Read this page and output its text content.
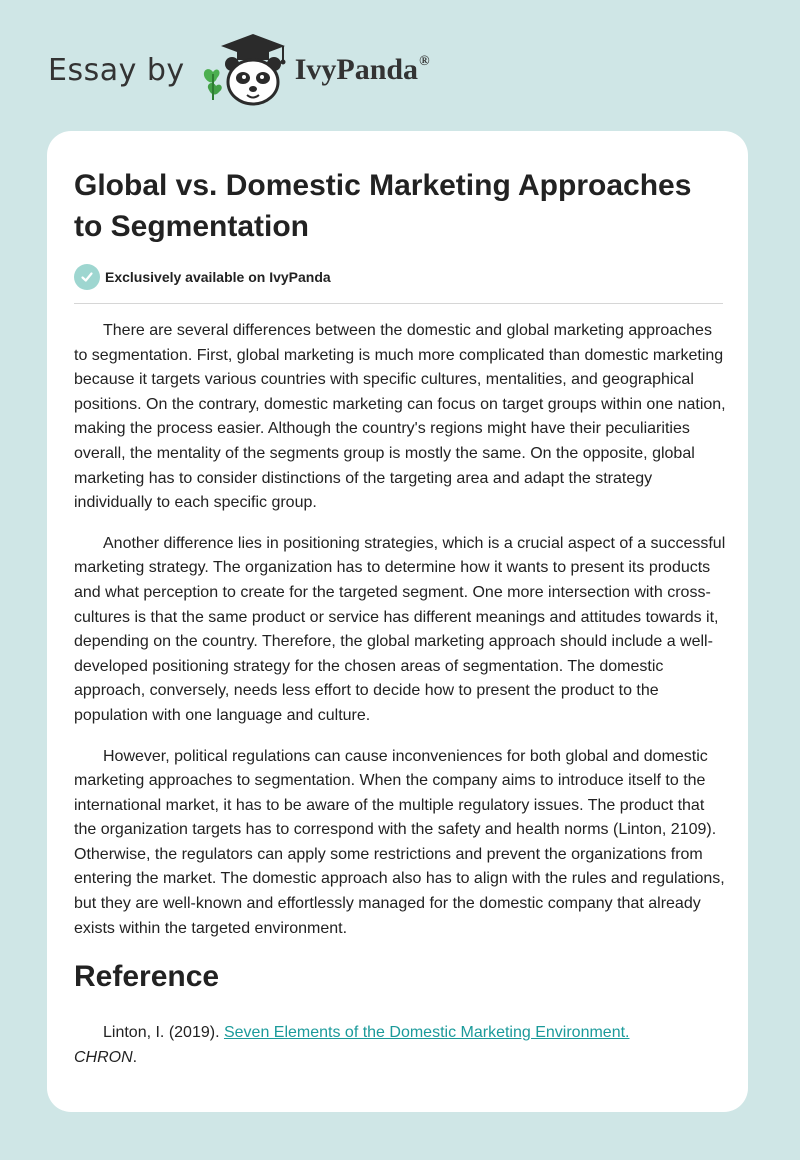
Essay by	IvyPanda®
Global vs. Domestic Marketing Approaches to Segmentation
Exclusively available on IvyPanda

There are several differences between the domestic and global marketing approaches to segmentation. First, global marketing is much more complicated than domestic marketing because it targets various countries with specific cultures, mentalities, and geographical positions. On the contrary, domestic marketing can focus on target groups within one nation, making the process easier. Although the country's regions might have their peculiarities overall, the mentality of the segments group is mostly the same. On the opposite, global marketing has to consider distinctions of the targeting area and adapt the strategy individually to each specific group.

Another difference lies in positioning strategies, which is a crucial aspect of a successful marketing strategy. The organization has to determine how it wants to present its products and what perception to create for the targeted segment. One more intersection with cross-cultures is that the same product or service has different meanings and attitudes towards it, depending on the country. Therefore, the global marketing approach should include a well-developed positioning strategy for the chosen areas of segmentation. The domestic approach, conversely, needs less effort to decide how to present the product to the population with one language and culture.

However, political regulations can cause inconveniences for both global and domestic marketing approaches to segmentation. When the company aims to introduce itself to the international market, it has to be aware of the multiple regulatory issues. The product that the organization targets has to correspond with the safety and health norms (Linton, 2109). Otherwise, the regulators can apply some restrictions and prevent the organizations from entering the market. The domestic approach also has to align with the rules and regulations, but they are well-known and effortlessly managed for the domestic company that already exists within the targeted environment.

Reference

Linton, I. (2019). Seven Elements of the Domestic Marketing Environment.
CHRON.
